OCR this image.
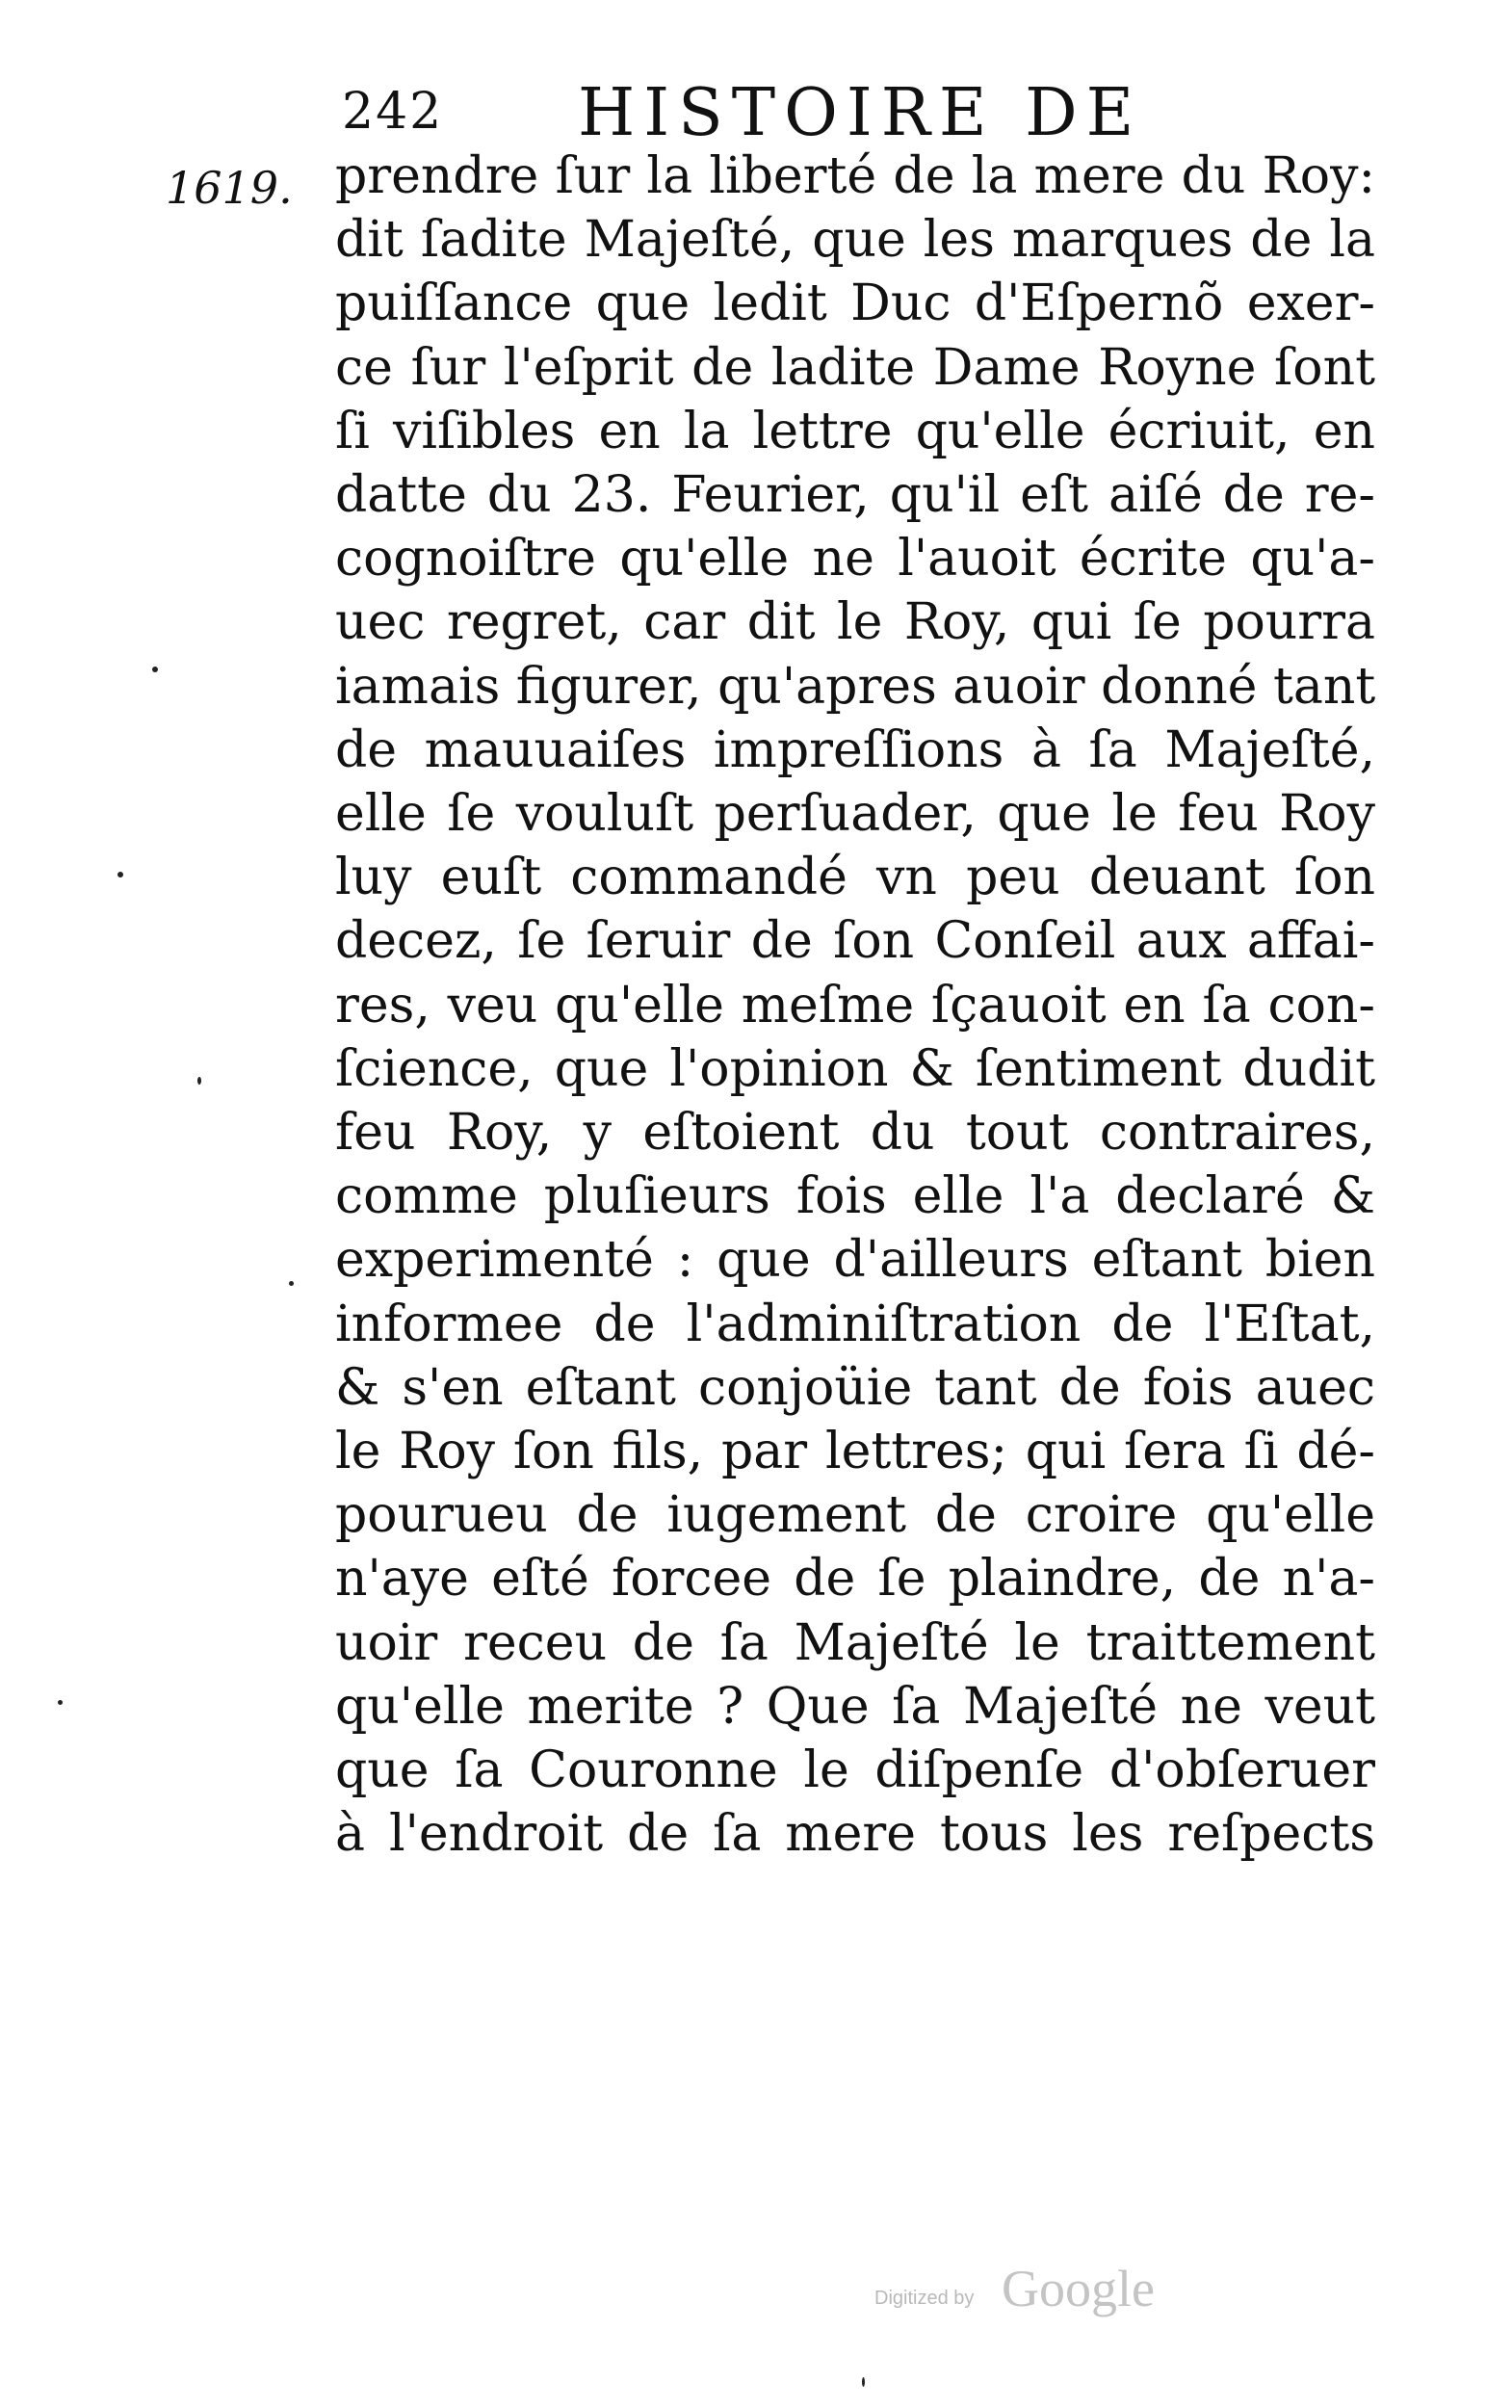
242 HISTOIRE DE
1619. prendre ſur la liberté de la mere du Roy:
dit ſadite Majeſté, que les marques de la
puiſſance que ledit Duc d'Eſpernõ exer-
ce ſur l'eſprit de ladite Dame Royne ſont
ſi viſibles en la lettre qu'elle écriuit, en
datte du 23. Feurier, qu'il eſt aiſé de re-
cognoiſtre qu'elle ne l'auoit écrite qu'a-
uec regret, car dit le Roy, qui ſe pourra
iamais figurer, qu'apres auoir donné tant
de mauuaiſes impreſſions à ſa Majeſté,
elle ſe vouluſt perſuader, que le feu Roy
luy euſt commandé vn peu deuant ſon
decez, ſe ſeruir de ſon Conſeil aux affai-
res, veu qu'elle meſme ſçauoit en ſa con-
ſcience, que l'opinion & ſentiment dudit
feu Roy, y eſtoient du tout contraires,
comme pluſieurs fois elle l'a declaré &
experimenté : que d'ailleurs eſtant bien
informee de l'adminiſtration de l'Eſtat,
& s'en eſtant conjoüie tant de fois auec
le Roy ſon fils, par lettres; qui ſera ſi dé-
pourueu de iugement de croire qu'elle
n'aye eſté forcee de ſe plaindre, de n'a-
uoir receu de ſa Majeſté le traittement
qu'elle merite ? Que ſa Majeſté ne veut
que ſa Couronne le diſpenſe d'obſeruer
à l'endroit de ſa mere tous les reſpects
Digitized by Google
